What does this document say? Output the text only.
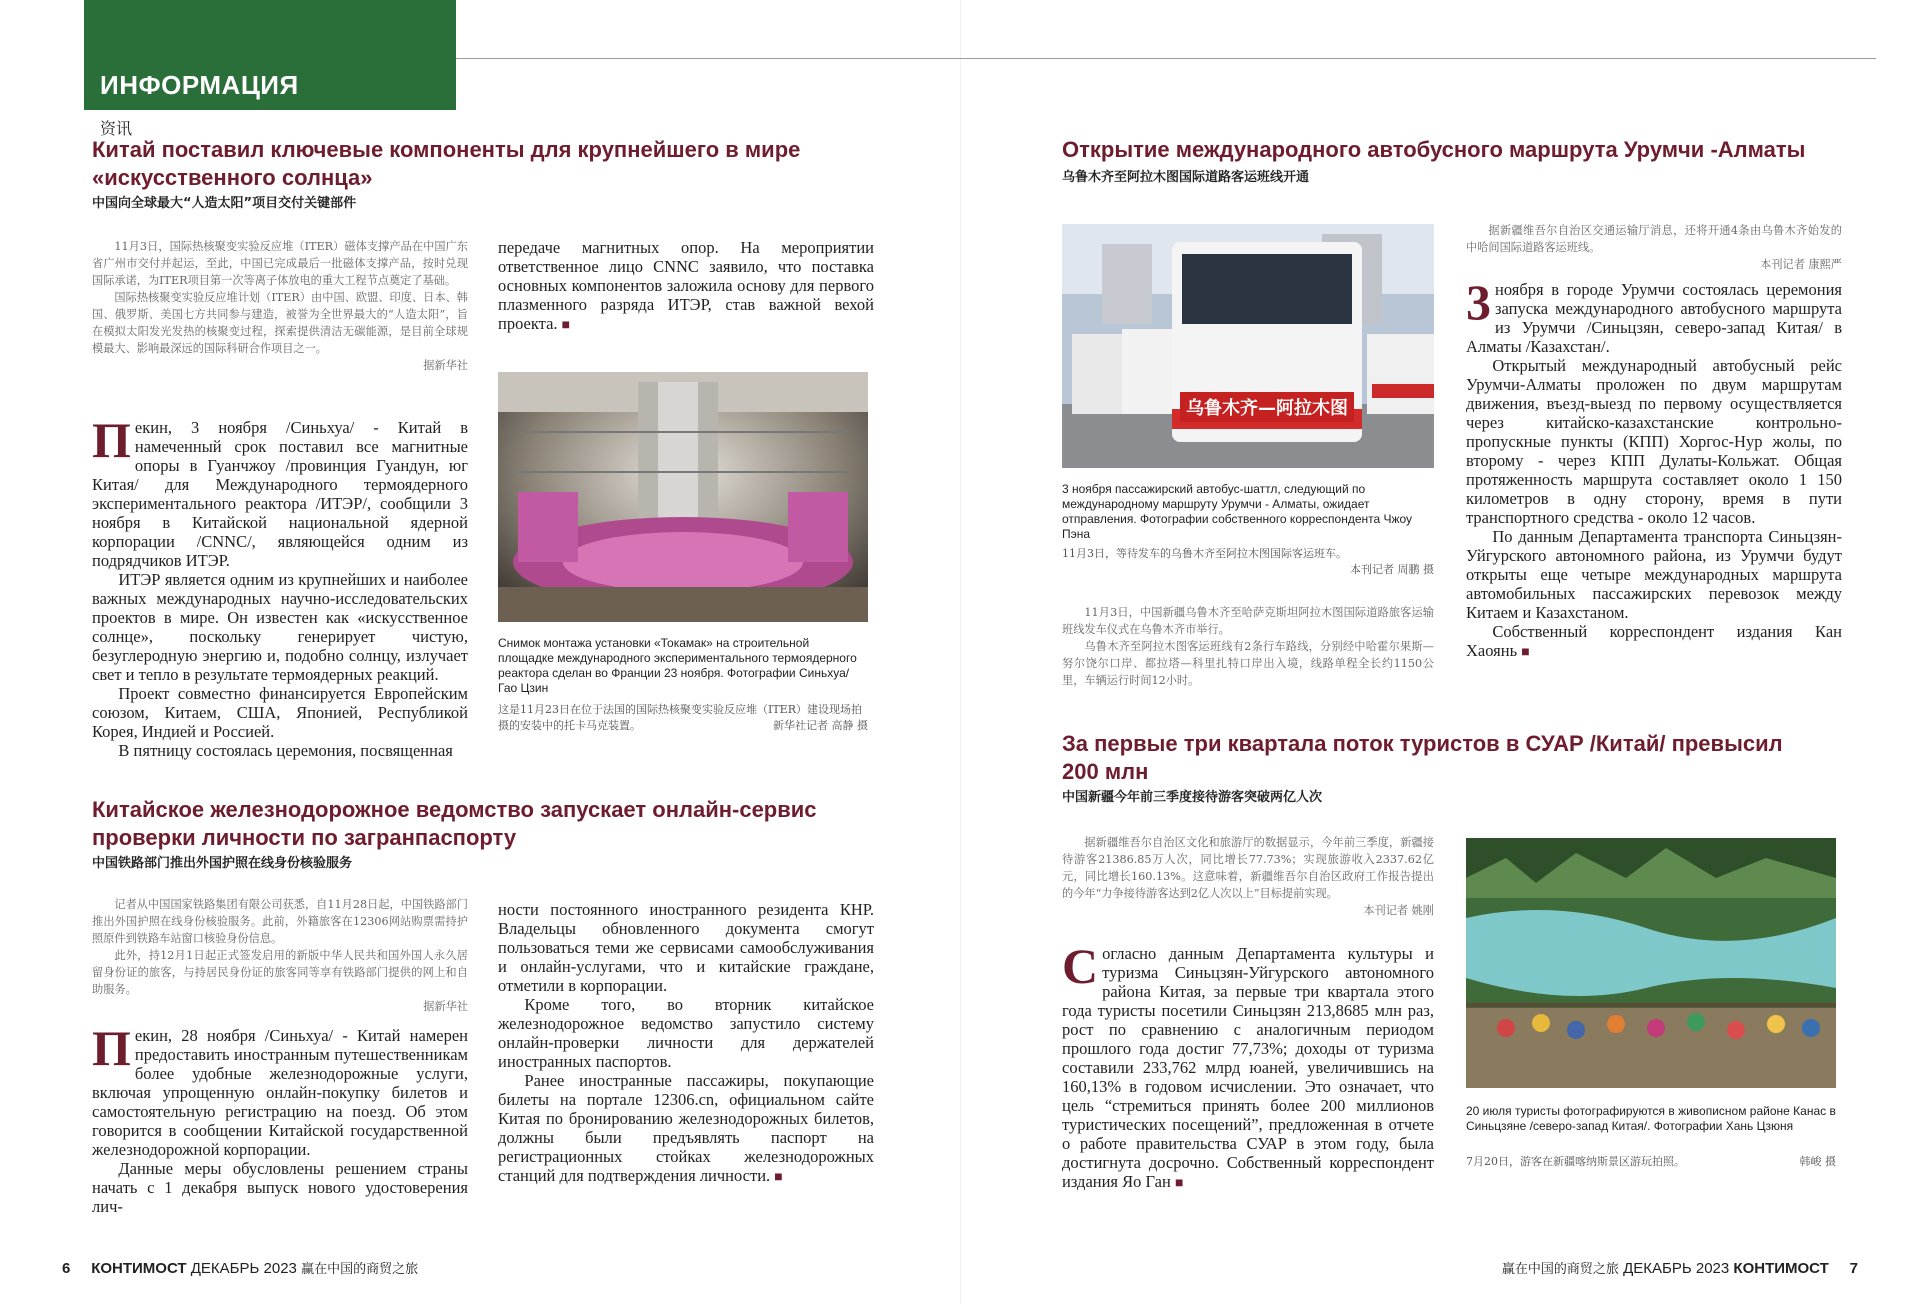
ИНФОРМАЦИЯ
资讯
Китай поставил ключевые компоненты для крупнейшего в мире
«искусственного солнца»
中国向全球最大“人造太阳”项目交付关键部件

11月3日，国际热核聚变实验反应堆（ITER）磁体支撑产品在中国广东省广州市交付并起运，至此，中国已完成最后一批磁体支撑产品，按时兑现国际承诺，为ITER项目第一次等离子体放电的重大工程节点奠定了基础。

国际热核聚变实验反应堆计划（ITER）由中国、欧盟、印度、日本、韩国、俄罗斯、美国七方共同参与建造，被誉为全世界最大的“人造太阳”，旨在模拟太阳发光发热的核聚变过程，探索提供清洁无碳能源，是目前全球规模最大、影响最深远的国际科研合作项目之一。

据新华社

Пекин, 3 ноября /Синьхуа/ - Китай в намеченный срок поставил все магнитные опоры в Гуанчжоу /провинция Гуандун, юг Китая/ для Международного термоядерного экспериментального реактора /ИТЭР/, сообщили 3 ноября в Китайской национальной ядерной корпорации /CNNC/, являющейся одним из подрядчиков ИТЭР.

ИТЭР является одним из крупнейших и наиболее важных международных научно-исследовательских проектов в мире. Он известен как «искусственное солнце», поскольку генерирует чистую, безуглеродную энергию и, подобно солнцу, излучает свет и тепло в результате термоядерных реакций.

Проект совместно финансируется Европейским союзом, Китаем, США, Японией, Республикой Корея, Индией и Россией.

В пятницу состоялась церемония, посвященная

передаче магнитных опор. На мероприятии ответственное лицо CNNC заявило, что поставка основных компонентов заложила основу для первого плазменного разряда ИТЭР, став важной вехой проекта. ■

Снимок монтажа установки «Токамак» на строительной площадке международного экспериментального термоядерного реактора сделан во Франции 23 ноября. Фотографии Синьхуа/ Гао Цзин
这是11月23日在位于法国的国际热核聚变实验反应堆（ITER）建设现场拍摄的安装中的托卡马克装置。	新华社记者 高静 摄
Китайское железнодорожное ведомство запускает онлайн-сервис
проверки личности по загранпаспорту
中国铁路部门推出外国护照在线身份核验服务

记者从中国国家铁路集团有限公司获悉，自11月28日起，中国铁路部门推出外国护照在线身份核验服务。此前，外籍旅客在12306网站购票需持护照原件到铁路车站窗口核验身份信息。

此外，持12月1日起正式签发启用的新版中华人民共和国外国人永久居留身份证的旅客，与持居民身份证的旅客同等享有铁路部门提供的网上和自助服务。

据新华社

Пекин, 28 ноября /Синьхуа/ - Китай намерен предоставить иностранным путешественникам более удобные железнодорожные услуги, включая упрощенную онлайн-покупку билетов и самостоятельную регистрацию на поезд. Об этом говорится в сообщении Китайской государственной железнодорожной корпорации.

Данные меры обусловлены решением страны начать с 1 декабря выпуск нового удостоверения лич-

ности постоянного иностранного резидента КНР. Владельцы обновленного документа смогут пользоваться теми же сервисами самообслуживания и онлайн-услугами, что и китайские граждане, отметили в корпорации.

Кроме того, во вторник китайское железнодорожное ведомство запустило систему онлайн-проверки личности для держателей иностранных паспортов.

Ранее иностранные пассажиры, покупающие билеты на портале 12306.cn, официальном сайте Китая по бронированию железнодорожных билетов, должны были предъявлять паспорт на регистрационных стойках железнодорожных станций для подтверждения личности. ■

Открытие международного автобусного маршрута Урумчи -Алматы
乌鲁木齐至阿拉木图国际道路客运班线开通
乌鲁木齐—阿拉木图
3 ноября пассажирский автобус-шаттл, следующий по международному маршруту Урумчи - Алматы, ожидает отправления. Фотографии собственного корреспондента Чжоу Пэна
11月3日，等待发车的乌鲁木齐至阿拉木图国际客运班车。
本刊记者 周鹏 摄

11月3日，中国新疆乌鲁木齐至哈萨克斯坦阿拉木图国际道路旅客运输班线发车仪式在乌鲁木齐市举行。

乌鲁木齐至阿拉木图客运班线有2条行车路线，分别经中哈霍尔果斯—努尔饶尔口岸、都拉塔—科里扎特口岸出入境，线路单程全长约1150公里，车辆运行时间12小时。

据新疆维吾尔自治区交通运输厅消息，还将开通4条由乌鲁木齐始发的中哈间国际道路客运班线。

本刊记者 康熙严

3 ноября в городе Урумчи состоялась церемония запуска международного автобусного маршрута из Урумчи /Синьцзян, северо-запад Китая/ в Алматы /Казахстан/.

Открытый международный автобусный рейс Урумчи-Алматы проложен по двум маршрутам движения, въезд-выезд по первому осуществляется через китайско-казахстанские контрольно-пропускные пункты (КПП) Хоргос-Нур жолы, по второму - через КПП Дулаты-Кольжат. Общая протяженность маршрута составляет около 1 150 километров в одну сторону, время в пути транспортного средства - около 12 часов.

По данным Департамента транспорта Синьцзян-Уйгурского автономного района, из Урумчи будут открыты еще четыре международных маршрута автомобильных пассажирских перевозок между Китаем и Казахстаном.

Собственный корреспондент издания Кан Хаоянь ■

За первые три квартала поток туристов в СУАР /Китай/ превысил
200 млн
中国新疆今年前三季度接待游客突破两亿人次

据新疆维吾尔自治区文化和旅游厅的数据显示，今年前三季度，新疆接待游客21386.85万人次，同比增长77.73%；实现旅游收入2337.62亿元，同比增长160.13%。这意味着，新疆维吾尔自治区政府工作报告提出的今年“力争接待游客达到2亿人次以上”目标提前实现。

本刊记者 姚刚

Согласно данным Департамента культуры и туризма Синьцзян-Уйгурского автономного района Китая, за первые три квартала этого года туристы посетили Синьцзян 213,8685 млн раз, рост по сравнению с аналогичным периодом прошлого года достиг 77,73%; доходы от туризма составили 233,762 млрд юаней, увеличившись на 160,13% в годовом исчислении. Это означает, что цель “стремиться принять более 200 миллионов туристических посещений”, предложенная в отчете о работе правительства СУАР в этом году, была достигнута досрочно. Собственный корреспондент издания Яо Ган ■

20 июля туристы фотографируются в живописном районе Канас в Синьцзяне /северо-запад Китая/. Фотографии Хань Цзюня
7月20日，游客在新疆喀纳斯景区游玩拍照。	韩峻 摄
6 КОНТИМОСТ ДЕКАБРЬ 2023 赢在中国的商贸之旅	赢在中国的商贸之旅 ДЕКАБРЬ 2023 КОНТИМОСТ 7
